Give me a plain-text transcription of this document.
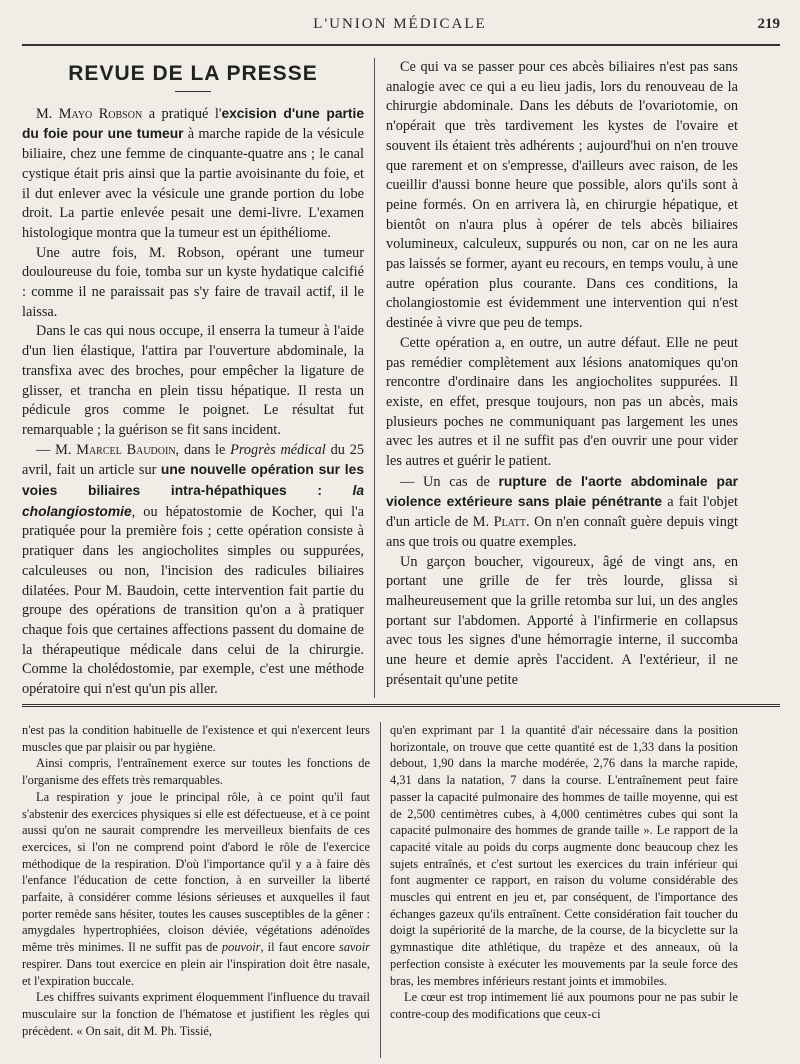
L'UNION MÉDICALE	219
REVUE DE LA PRESSE

M. Mayo Robson a pratiqué l'excision d'une partie du foie pour une tumeur à marche rapide de la vésicule biliaire, chez une femme de cinquante-quatre ans ; le canal cystique était pris ainsi que la partie avoisinante du foie, et il dut enlever avec la vésicule une grande portion du lobe droit. La partie enlevée pesait une demi-livre. L'examen histologique montra que la tumeur est un épithéliome.

Une autre fois, M. Robson, opérant une tumeur douloureuse du foie, tomba sur un kyste hydatique calcifié : comme il ne paraissait pas s'y faire de travail actif, il le laissa.

Dans le cas qui nous occupe, il enserra la tumeur à l'aide d'un lien élastique, l'attira par l'ouverture abdominale, la transfixa avec des broches, pour empêcher la ligature de glisser, et trancha en plein tissu hépatique. Il resta un pédicule gros comme le poignet. Le résultat fut remarquable ; la guérison se fit sans incident.

— M. Marcel Baudoin, dans le Progrès médical du 25 avril, fait un article sur une nouvelle opération sur les voies biliaires intra-hépathiques : la cholangiostomie, ou hépatostomie de Kocher, qui l'a pratiquée pour la première fois ; cette opération consiste à pratiquer dans les angiocholites simples ou suppurées, calculeuses ou non, l'incision des radicules biliaires dilatées. Pour M. Baudoin, cette intervention fait partie du groupe des opérations de transition qu'on a à pratiquer chaque fois que certaines affections passent du domaine de la thérapeutique médicale dans celui de la chirurgie. Comme la cholédostomie, par exemple, c'est une méthode opératoire qui n'est qu'un pis aller.

Ce qui va se passer pour ces abcès biliaires n'est pas sans analogie avec ce qui a eu lieu jadis, lors du renouveau de la chirurgie abdominale. Dans les débuts de l'ovariotomie, on n'opérait que très tardivement les kystes de l'ovaire et souvent ils étaient très adhérents ; aujourd'hui on n'en trouve que rarement et on s'empresse, d'ailleurs avec raison, de les cueillir d'aussi bonne heure que possible, alors qu'ils sont à peine formés. On en arrivera là, en chirurgie hépatique, et bientôt on n'aura plus à opérer de tels abcès biliaires volumineux, calculeux, suppurés ou non, car on ne les aura pas laissés se former, ayant eu recours, en temps voulu, à une autre opération plus courante. Dans ces conditions, la cholangiostomie est évidemment une intervention qui n'est destinée à vivre que peu de temps.

Cette opération a, en outre, un autre défaut. Elle ne peut pas remédier complètement aux lésions anatomiques qu'on rencontre d'ordinaire dans les angiocholites suppurées. Il existe, en effet, presque toujours, non pas un abcès, mais plusieurs poches ne communiquant pas largement les unes avec les autres et il ne suffit pas d'en ouvrir une pour vider les autres et guérir le patient.

— Un cas de rupture de l'aorte abdominale par violence extérieure sans plaie pénétrante a fait l'objet d'un article de M. Platt. On n'en connaît guère depuis vingt ans que trois ou quatre exemples.

Un garçon boucher, vigoureux, âgé de vingt ans, en portant une grille de fer très lourde, glissa si malheureusement que la grille retomba sur lui, un des angles portant sur l'abdomen. Apporté à l'infirmerie en collapsus avec tous les signes d'une hémorragie interne, il succomba une heure et demie après l'accident. A l'extérieur, il ne présentait qu'une petite

n'est pas la condition habituelle de l'existence et qui n'exercent leurs muscles que par plaisir ou par hygiène.

Ainsi compris, l'entraînement exerce sur toutes les fonctions de l'organisme des effets très remarquables.

La respiration y joue le principal rôle, à ce point qu'il faut s'abstenir des exercices physiques si elle est défectueuse, et à ce point aussi qu'on ne saurait comprendre les merveilleux bienfaits de ces exercices, si l'on ne comprend point d'abord le rôle de l'exercice méthodique de la respiration. D'où l'importance qu'il y a à faire dès l'enfance l'éducation de cette fonction, à en surveiller la liberté parfaite, à considérer comme lésions sérieuses et auxquelles il faut porter remède sans hésiter, toutes les causes susceptibles de la gêner : amygdales hypertrophiées, cloison déviée, végétations adénoïdes même très minimes. Il ne suffit pas de pouvoir, il faut encore savoir respirer. Dans tout exercice en plein air l'inspiration doit être nasale, et l'expiration buccale.

Les chiffres suivants expriment éloquemment l'influence du travail musculaire sur la fonction de l'hématose et justifient les règles qui précèdent. « On sait, dit M. Ph. Tissié,

qu'en exprimant par 1 la quantité d'air nécessaire dans la position horizontale, on trouve que cette quantité est de 1,33 dans la position debout, 1,90 dans la marche modérée, 2,76 dans la marche rapide, 4,31 dans la natation, 7 dans la course. L'entraînement peut faire passer la capacité pulmonaire des hommes de taille moyenne, qui est de 2,500 centimètres cubes, à 4,000 centimètres cubes qui sont la capacité pulmonaire des hommes de grande taille ». Le rapport de la capacité vitale au poids du corps augmente donc beaucoup chez les sujets entraînés, et c'est surtout les exercices du train inférieur qui font augmenter ce rapport, en raison du volume considérable des muscles qui entrent en jeu et, par conséquent, de l'importance des échanges gazeux qu'ils entraînent. Cette considération fait toucher du doigt la supériorité de la marche, de la course, de la bicyclette sur la gymnastique dite athlétique, du trapèze et des anneaux, où la perfection consiste à exécuter les mouvements par la seule force des bras, les membres inférieurs restant joints et immobiles.

Le cœur est trop intimement lié aux poumons pour ne pas subir le contre-coup des modifications que ceux-ci
